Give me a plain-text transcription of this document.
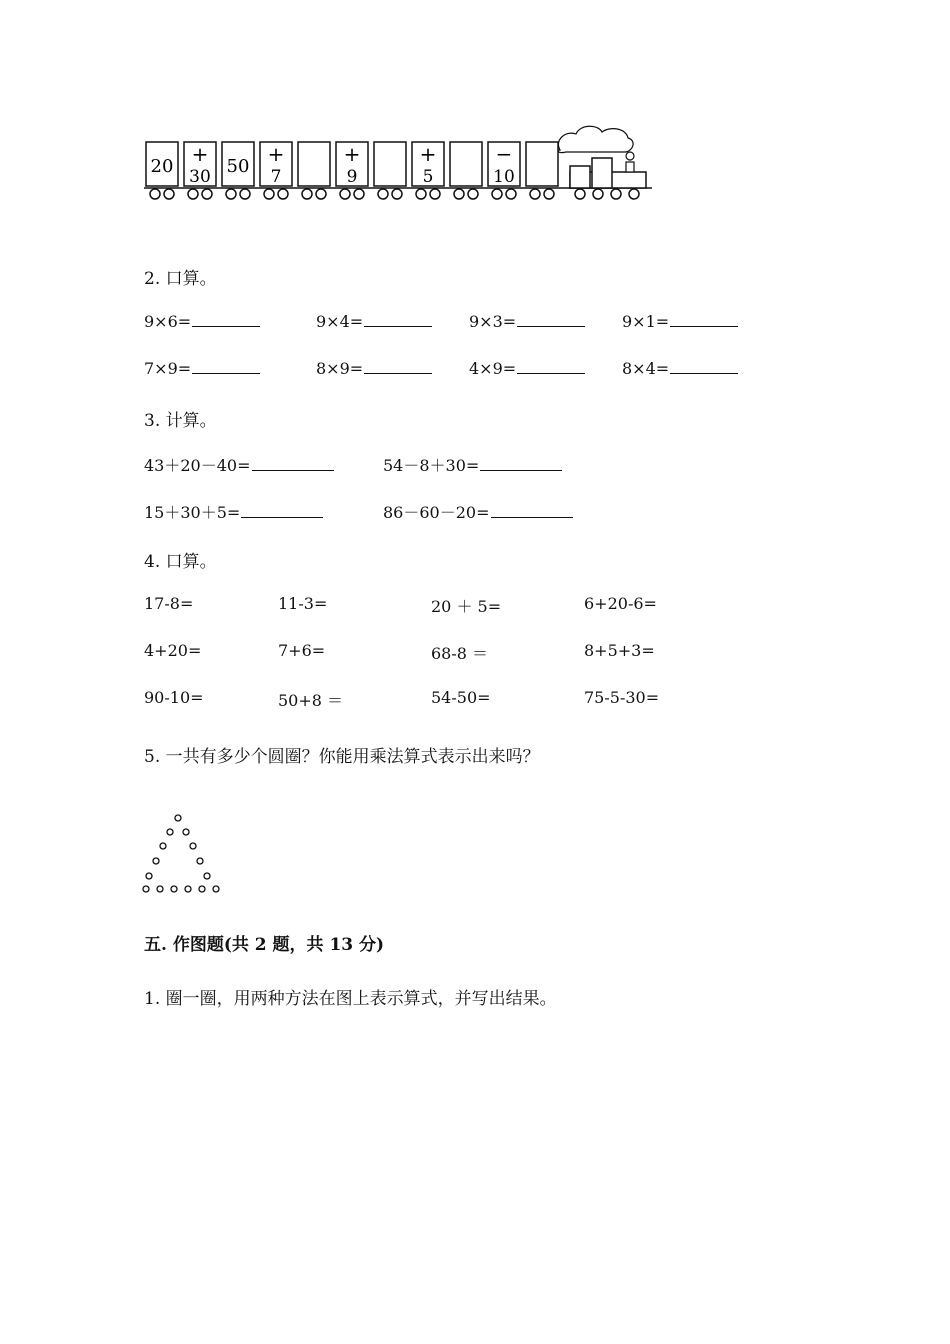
20
+
30 50
+
7
+
9
+
5
−
10
2. 口算。
9×6=	9×4=	9×3=	9×1=
7×9=	8×9=	4×9=	8×4=
3. 计算。
43＋20－40=	54－8＋30=
15＋30＋5=	86－60－20=
4. 口算。
17-8=	11-3=	20 ＋ 5=	6+20-6=
4+20=	7+6=	68-8 ＝	8+5+3=
90-10=	50+8 ＝	54-50=	75-5-30=
5. 一共有多少个圆圈？你能用乘法算式表示出来吗？
五. 作图题(共 2 题，共 13 分)
1. 圈一圈，用两种方法在图上表示算式，并写出结果。
